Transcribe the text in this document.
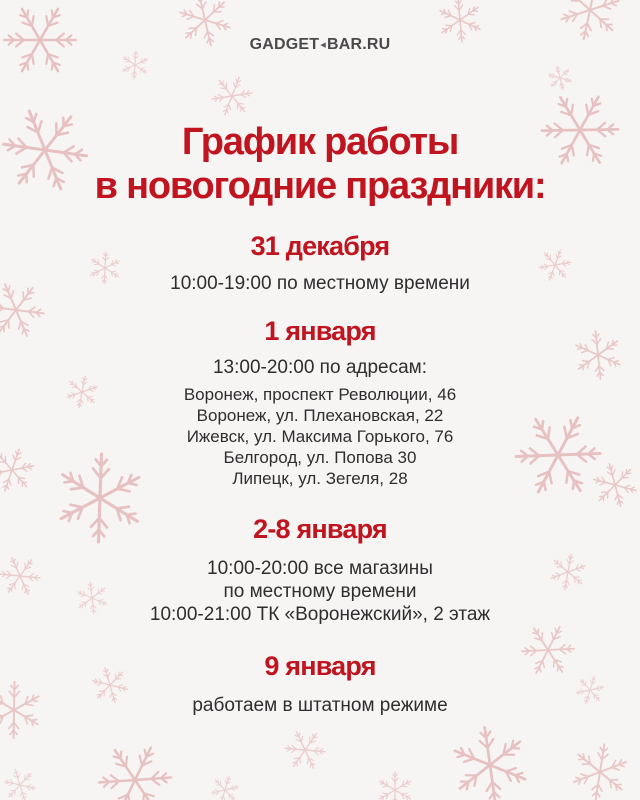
GADGET◂BAR.RU
График работы
в новогодние праздники:
31 декабря
10:00-19:00 по местному времени
1 января
13:00-20:00 по адресам:
Воронеж, проспект Революции, 46
Воронеж, ул. Плехановская, 22
Ижевск, ул. Максима Горького, 76
Белгород, ул. Попова 30
Липецк, ул. Зегеля, 28
2-8 января
10:00-20:00 все магазины
по местному времени
10:00-21:00 ТК «Воронежский», 2 этаж
9 января
работаем в штатном режиме
